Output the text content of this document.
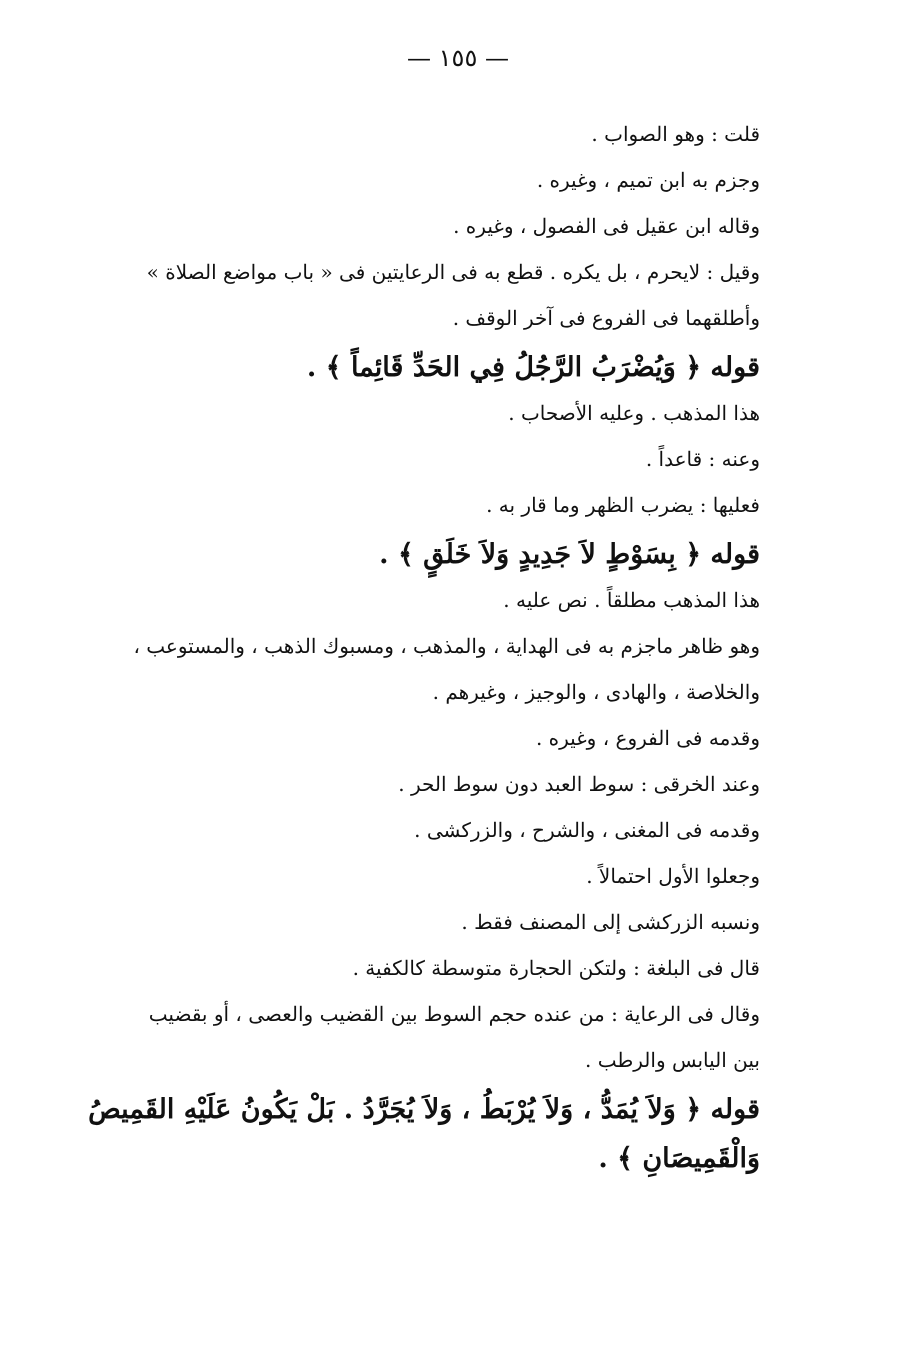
— ١٥٥ —
قلت : وهو الصواب .
وجزم به ابن تميم ، وغيره .
وقاله ابن عقيل فى الفصول ، وغيره .
وقيل : لايحرم ، بل يكره . قطع به فى الرعايتين فى « باب مواضع الصلاة »
وأطلقهما فى الفروع فى آخر الوقف .
قوله ﴿ وَيُضْرَبُ الرَّجُلُ فِي الحَدِّ قَائِماً ﴾ .
هذا المذهب . وعليه الأصحاب .
وعنه : قاعداً .
فعليها : يضرب الظهر وما قار به .
قوله ﴿ بِسَوْطٍ لاَ جَدِيدٍ وَلاَ خَلَقٍ ﴾ .
هذا المذهب مطلقاً . نص عليه .
وهو ظاهر ماجزم به فى الهداية ، والمذهب ، ومسبوك الذهب ، والمستوعب ،
والخلاصة ، والهادى ، والوجيز ، وغيرهم .
وقدمه فى الفروع ، وغيره .
وعند الخرقى : سوط العبد دون سوط الحر .
وقدمه فى المغنى ، والشرح ، والزركشى .
وجعلوا الأول احتمالاً .
ونسبه الزركشى إلى المصنف فقط .
قال فى البلغة : ولتكن الحجارة متوسطة كالكفية .
وقال فى الرعاية : من عنده حجم السوط بين القضيب والعصى ، أو بقضيب
بين اليابس والرطب .
قوله ﴿ وَلاَ يُمَدُّ ، وَلاَ يُرْبَطُ ، وَلاَ يُجَرَّدُ . بَلْ يَكُونُ عَلَيْهِ القَمِيصُ
وَالْقَمِيصَانِ ﴾ .
